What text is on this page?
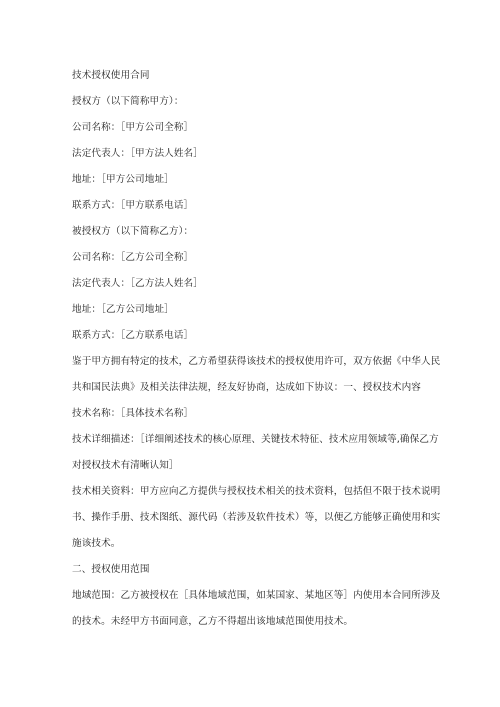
技术授权使用合同
授权方（以下简称甲方）：
公司名称：［甲方公司全称］
法定代表人：［甲方法人姓名］
地址：［甲方公司地址］
联系方式：［甲方联系电话］
被授权方（以下简称乙方）：
公司名称：［乙方公司全称］
法定代表人：［乙方法人姓名］
地址：［乙方公司地址］
联系方式：［乙方联系电话］
鉴于甲方拥有特定的技术，乙方希望获得该技术的授权使用许可，双方依据《中华人民
共和国民法典》及相关法律法规，经友好协商，达成如下协议：一、授权技术内容
技术名称：［具体技术名称］
技术详细描述：［详细阐述技术的核心原理、关键技术特征、技术应用领域等,确保乙方
对授权技术有清晰认知］
技术相关资料：甲方应向乙方提供与授权技术相关的技术资料，包括但不限于技术说明
书、操作手册、技术图纸、源代码（若涉及软件技术）等，以便乙方能够正确使用和实
施该技术。
二、授权使用范围
地域范围：乙方被授权在［具体地域范围，如某国家、某地区等］内使用本合同所涉及
的技术。未经甲方书面同意，乙方不得超出该地域范围使用技术。
